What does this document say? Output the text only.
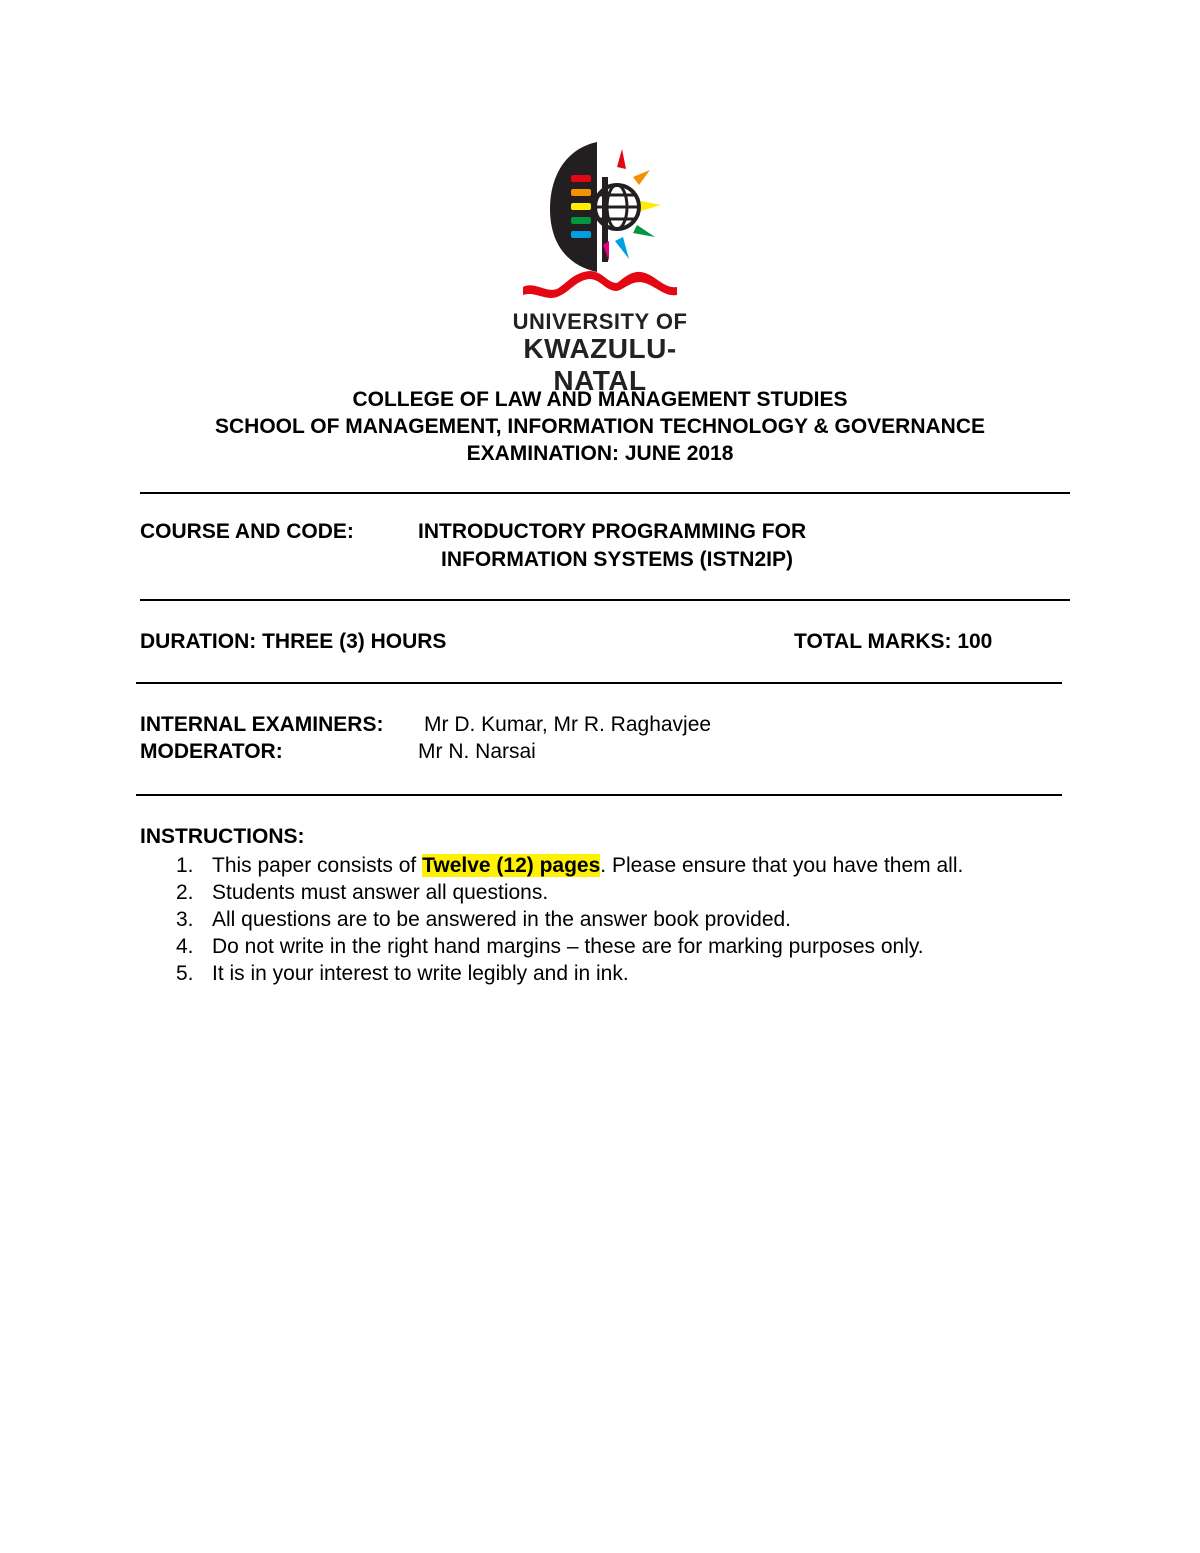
UNIVERSITY OF
KWAZULU-NATAL
COLLEGE OF LAW AND MANAGEMENT STUDIES
SCHOOL OF MANAGEMENT, INFORMATION TECHNOLOGY & GOVERNANCE
EXAMINATION: JUNE 2018
COURSE AND CODE:	INTRODUCTORY PROGRAMMING FOR
INFORMATION SYSTEMS (ISTN2IP)
DURATION: THREE (3) HOURS	TOTAL MARKS: 100
INTERNAL EXAMINERS: Mr D. Kumar, Mr R. Raghavjee
MODERATOR:	Mr N. Narsai
INSTRUCTIONS:
1. This paper consists of Twelve (12) pages. Please ensure that you have them all.
2. Students must answer all questions.
3. All questions are to be answered in the answer book provided.
4. Do not write in the right hand margins – these are for marking purposes only.
5. It is in your interest to write legibly and in ink.
